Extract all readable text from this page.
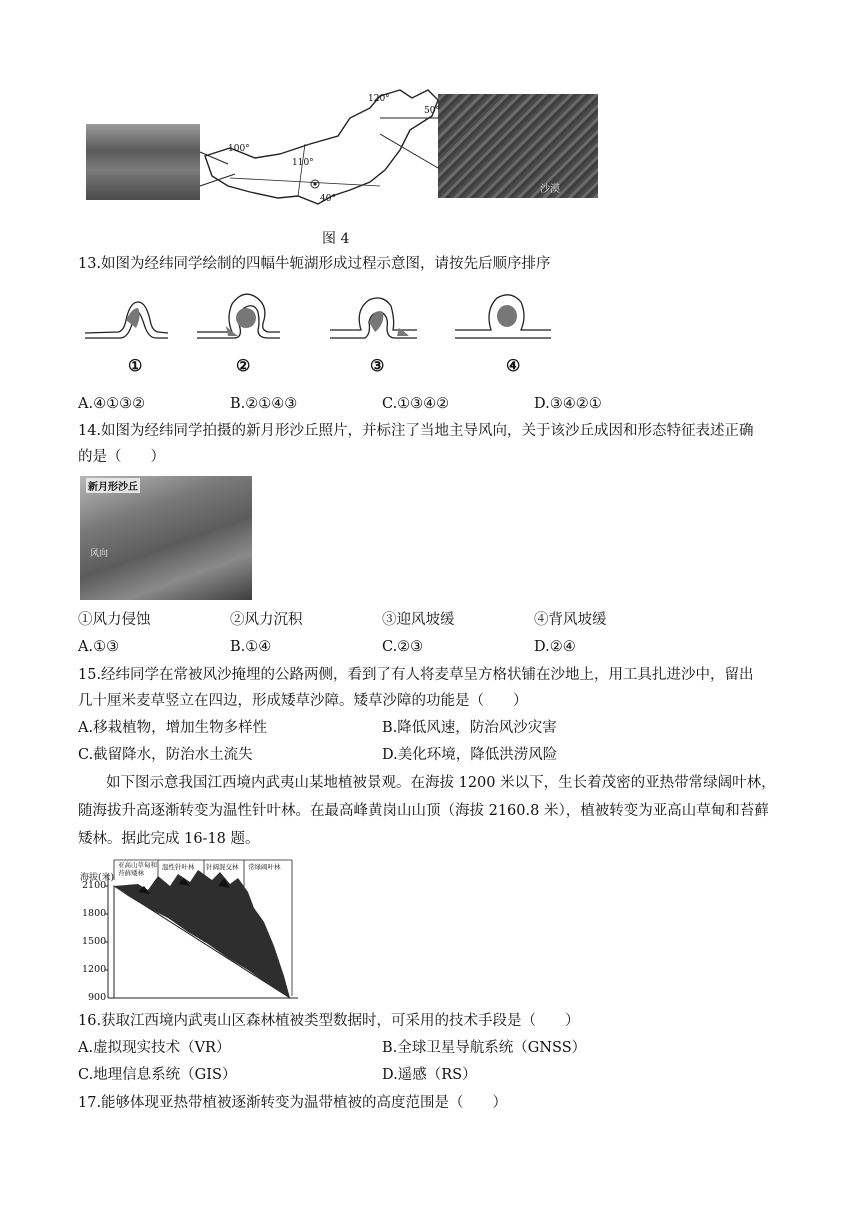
沙漠
100°
110°
120°
50°
40°
图 4
13.如图为经纬同学绘制的四幅牛轭湖形成过程示意图，请按先后顺序排序
①	②	③	④
A.④①③②	B.②①④③	C.①③④②	D.③④②①
14.如图为经纬同学拍摄的新月形沙丘照片，并标注了当地主导风向，关于该沙丘成因和形态特征表述正确
的是（　　）
新月形沙丘
风向
①风力侵蚀	②风力沉积	③迎风坡缓	④背风坡缓
A.①③	B.①④	C.②③	D.②④
15.经纬同学在常被风沙掩埋的公路两侧，看到了有人将麦草呈方格状铺在沙地上，用工具扎进沙中，留出
几十厘米麦草竖立在四边，形成矮草沙障。矮草沙障的功能是（　　）
A.移栽植物，增加生物多样性	B.降低风速，防治风沙灾害
C.截留降水，防治水土流失	D.美化环境，降低洪涝风险
如下图示意我国江西境内武夷山某地植被景观。在海拔 1200 米以下，生长着茂密的亚热带常绿阔叶林，
随海拔升高逐渐转变为温性针叶林。在最高峰黄岗山山顶（海拔 2160.8 米），植被转变为亚高山草甸和苔藓
矮林。据此完成 16-18 题。
海拔(米)
2100
1800
1500
1200
900
亚高山草甸和苔藓矮林
温性针叶林 针阔混交林 常绿阔叶林
16.获取江西境内武夷山区森林植被类型数据时，可采用的技术手段是（　　）
A.虚拟现实技术（VR）	B.全球卫星导航系统（GNSS）
C.地理信息系统（GIS）	D.遥感（RS）
17.能够体现亚热带植被逐渐转变为温带植被的高度范围是（　　）
